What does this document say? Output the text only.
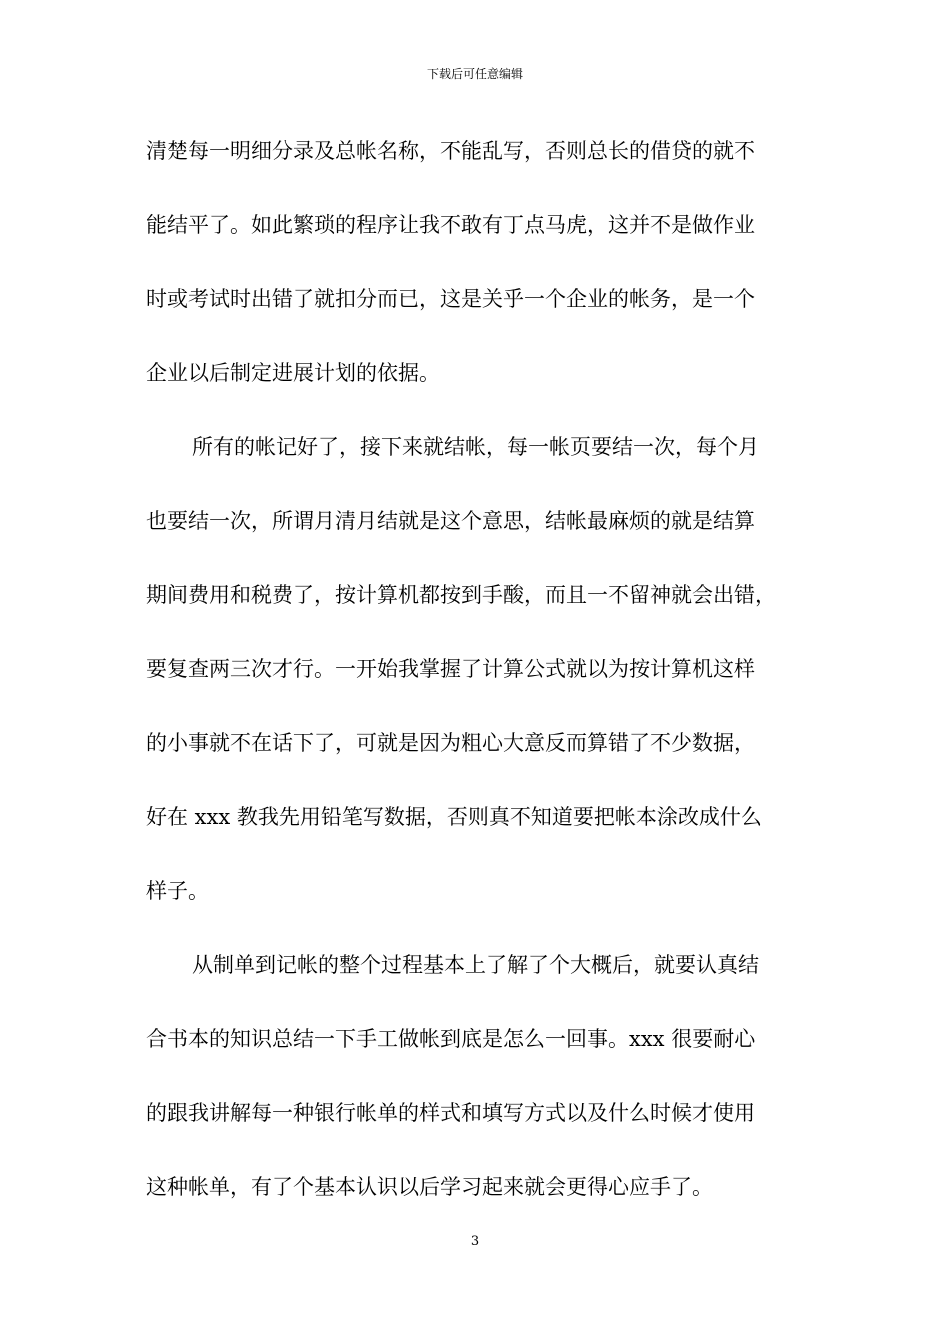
下载后可任意编辑
清楚每一明细分录及总帐名称，不能乱写，否则总长的借贷的就不
能结平了。如此繁琐的程序让我不敢有丁点马虎，这并不是做作业
时或考试时出错了就扣分而已，这是关乎一个企业的帐务，是一个
企业以后制定进展计划的依据。
所有的帐记好了，接下来就结帐，每一帐页要结一次，每个月
也要结一次，所谓月清月结就是这个意思，结帐最麻烦的就是结算
期间费用和税费了，按计算机都按到手酸，而且一不留神就会出错，
要复查两三次才行。一开始我掌握了计算公式就以为按计算机这样
的小事就不在话下了，可就是因为粗心大意反而算错了不少数据，
好在 xxx 教我先用铅笔写数据，否则真不知道要把帐本涂改成什么
样子。
从制单到记帐的整个过程基本上了解了个大概后，就要认真结
合书本的知识总结一下手工做帐到底是怎么一回事。xxx 很要耐心
的跟我讲解每一种银行帐单的样式和填写方式以及什么时候才使用
这种帐单，有了个基本认识以后学习起来就会更得心应手了。
3
